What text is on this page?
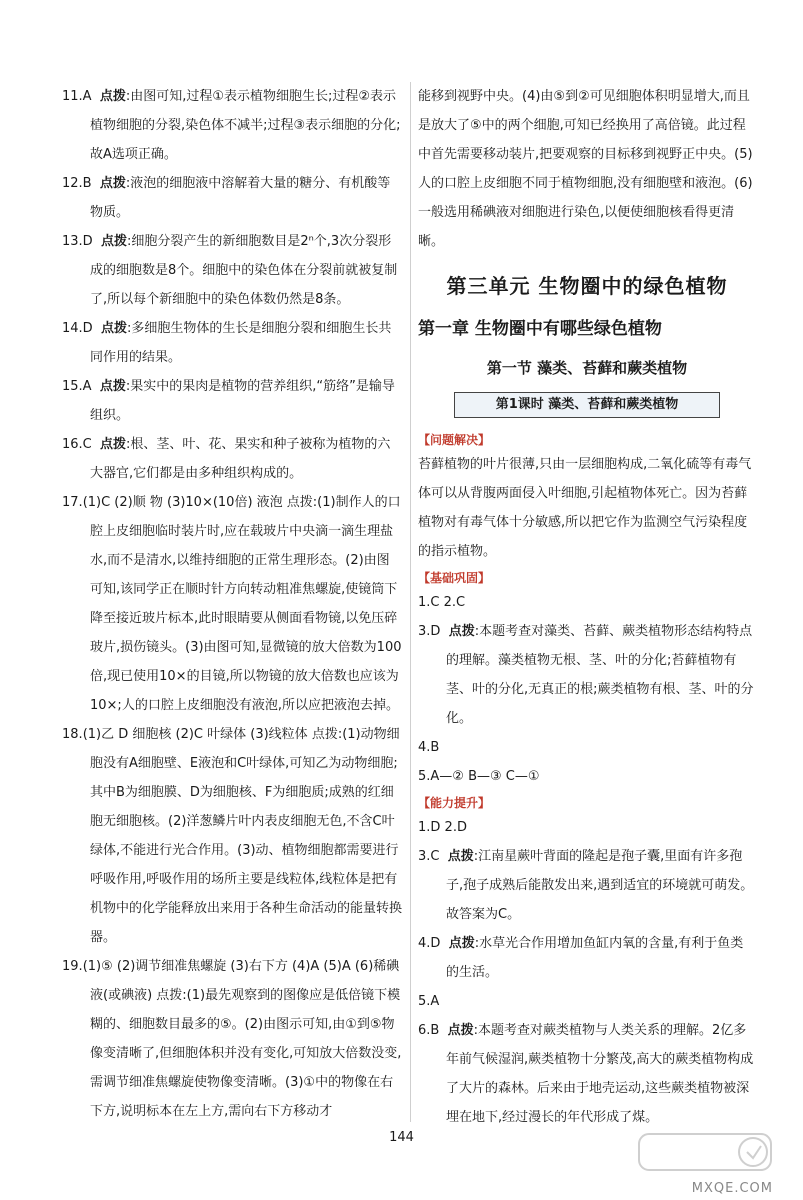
11.A 点拨:由图可知,过程①表示植物细胞生长;过程②表示植物细胞的分裂,染色体不减半;过程③表示细胞的分化;故A选项正确。
12.B 点拨:液泡的细胞液中溶解着大量的糖分、有机酸等物质。
13.D 点拨:细胞分裂产生的新细胞数目是2ⁿ个,3次分裂形成的细胞数是8个。细胞中的染色体在分裂前就被复制了,所以每个新细胞中的染色体数仍然是8条。
14.D 点拨:多细胞生物体的生长是细胞分裂和细胞生长共同作用的结果。
15.A 点拨:果实中的果肉是植物的营养组织,“筋络”是输导组织。
16.C 点拨:根、茎、叶、花、果实和种子被称为植物的六大器官,它们都是由多种组织构成的。
17.(1)C (2)顺 物 (3)10×(10倍) 液泡 点拨:(1)制作人的口腔上皮细胞临时装片时,应在载玻片中央滴一滴生理盐水,而不是清水,以维持细胞的正常生理形态。(2)由图可知,该同学正在顺时针方向转动粗准焦螺旋,使镜筒下降至接近玻片标本,此时眼睛要从侧面看物镜,以免压碎玻片,损伤镜头。(3)由图可知,显微镜的放大倍数为100倍,现已使用10×的目镜,所以物镜的放大倍数也应该为10×;人的口腔上皮细胞没有液泡,所以应把液泡去掉。
18.(1)乙 D 细胞核 (2)C 叶绿体 (3)线粒体 点拨:(1)动物细胞没有A细胞壁、E液泡和C叶绿体,可知乙为动物细胞;其中B为细胞膜、D为细胞核、F为细胞质;成熟的红细胞无细胞核。(2)洋葱鳞片叶内表皮细胞无色,不含C叶绿体,不能进行光合作用。(3)动、植物细胞都需要进行呼吸作用,呼吸作用的场所主要是线粒体,线粒体是把有机物中的化学能释放出来用于各种生命活动的能量转换器。
19.(1)⑤ (2)调节细准焦螺旋 (3)右下方 (4)A (5)A (6)稀碘液(或碘液) 点拨:(1)最先观察到的图像应是低倍镜下模糊的、细胞数目最多的⑤。(2)由图示可知,由①到⑤物像变清晰了,但细胞体积并没有变化,可知放大倍数没变,需调节细准焦螺旋使物像变清晰。(3)①中的物像在右下方,说明标本在左上方,需向右下方移动才
能移到视野中央。(4)由⑤到②可见细胞体积明显增大,而且是放大了⑤中的两个细胞,可知已经换用了高倍镜。此过程中首先需要移动装片,把要观察的目标移到视野正中央。(5)人的口腔上皮细胞不同于植物细胞,没有细胞壁和液泡。(6)一般选用稀碘液对细胞进行染色,以便使细胞核看得更清晰。
第三单元 生物圈中的绿色植物
第一章 生物圈中有哪些绿色植物
第一节 藻类、苔藓和蕨类植物
第1课时 藻类、苔藓和蕨类植物
【问题解决】
苔藓植物的叶片很薄,只由一层细胞构成,二氧化硫等有毒气体可以从背腹两面侵入叶细胞,引起植物体死亡。因为苔藓植物对有毒气体十分敏感,所以把它作为监测空气污染程度的指示植物。
【基础巩固】
1.C 2.C
3.D 点拨:本题考查对藻类、苔藓、蕨类植物形态结构特点的理解。藻类植物无根、茎、叶的分化;苔藓植物有茎、叶的分化,无真正的根;蕨类植物有根、茎、叶的分化。
4.B
5.A—② B—③ C—①
【能力提升】
1.D 2.D
3.C 点拨:江南星蕨叶背面的隆起是孢子囊,里面有许多孢子,孢子成熟后能散发出来,遇到适宜的环境就可萌发。故答案为C。
4.D 点拨:水草光合作用增加鱼缸内氧的含量,有利于鱼类的生活。
5.A
6.B 点拨:本题考查对蕨类植物与人类关系的理解。2亿多年前气候湿润,蕨类植物十分繁茂,高大的蕨类植物构成了大片的森林。后来由于地壳运动,这些蕨类植物被深埋在地下,经过漫长的年代形成了煤。
144
MXQE.COM
